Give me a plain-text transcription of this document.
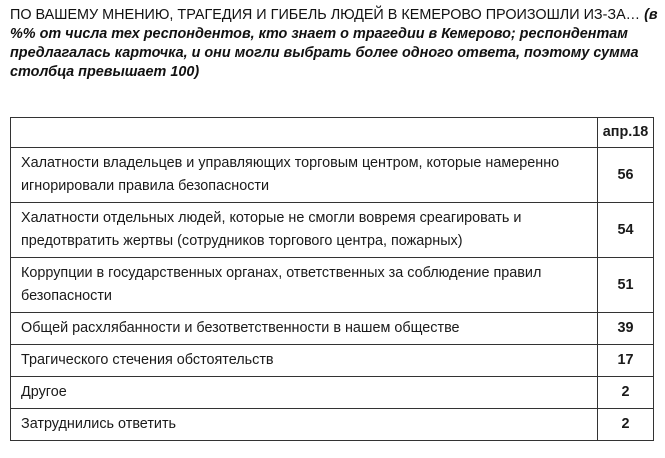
ПО ВАШЕМУ МНЕНИЮ, ТРАГЕДИЯ И ГИБЕЛЬ ЛЮДЕЙ В КЕМЕРОВО ПРОИЗОШЛИ ИЗ-ЗА… (в %% от числа тех респондентов, кто знает о трагедии в Кемерово; респондентам предлагалась карточка, и они могли выбрать более одного ответа, поэтому сумма столбца превышает 100)
	апр.18
Халатности владельцев и управляющих торговым центром, которые намеренно игнорировали правила безопасности	56
Халатности отдельных людей, которые не смогли вовремя среагировать и предотвратить жертвы (сотрудников торгового центра, пожарных)	54
Коррупции в государственных органах, ответственных за соблюдение правил безопасности	51
Общей расхлябанности и безответственности в нашем обществе	39
Трагического стечения обстоятельств	17
Другое	2
Затруднились ответить	2
